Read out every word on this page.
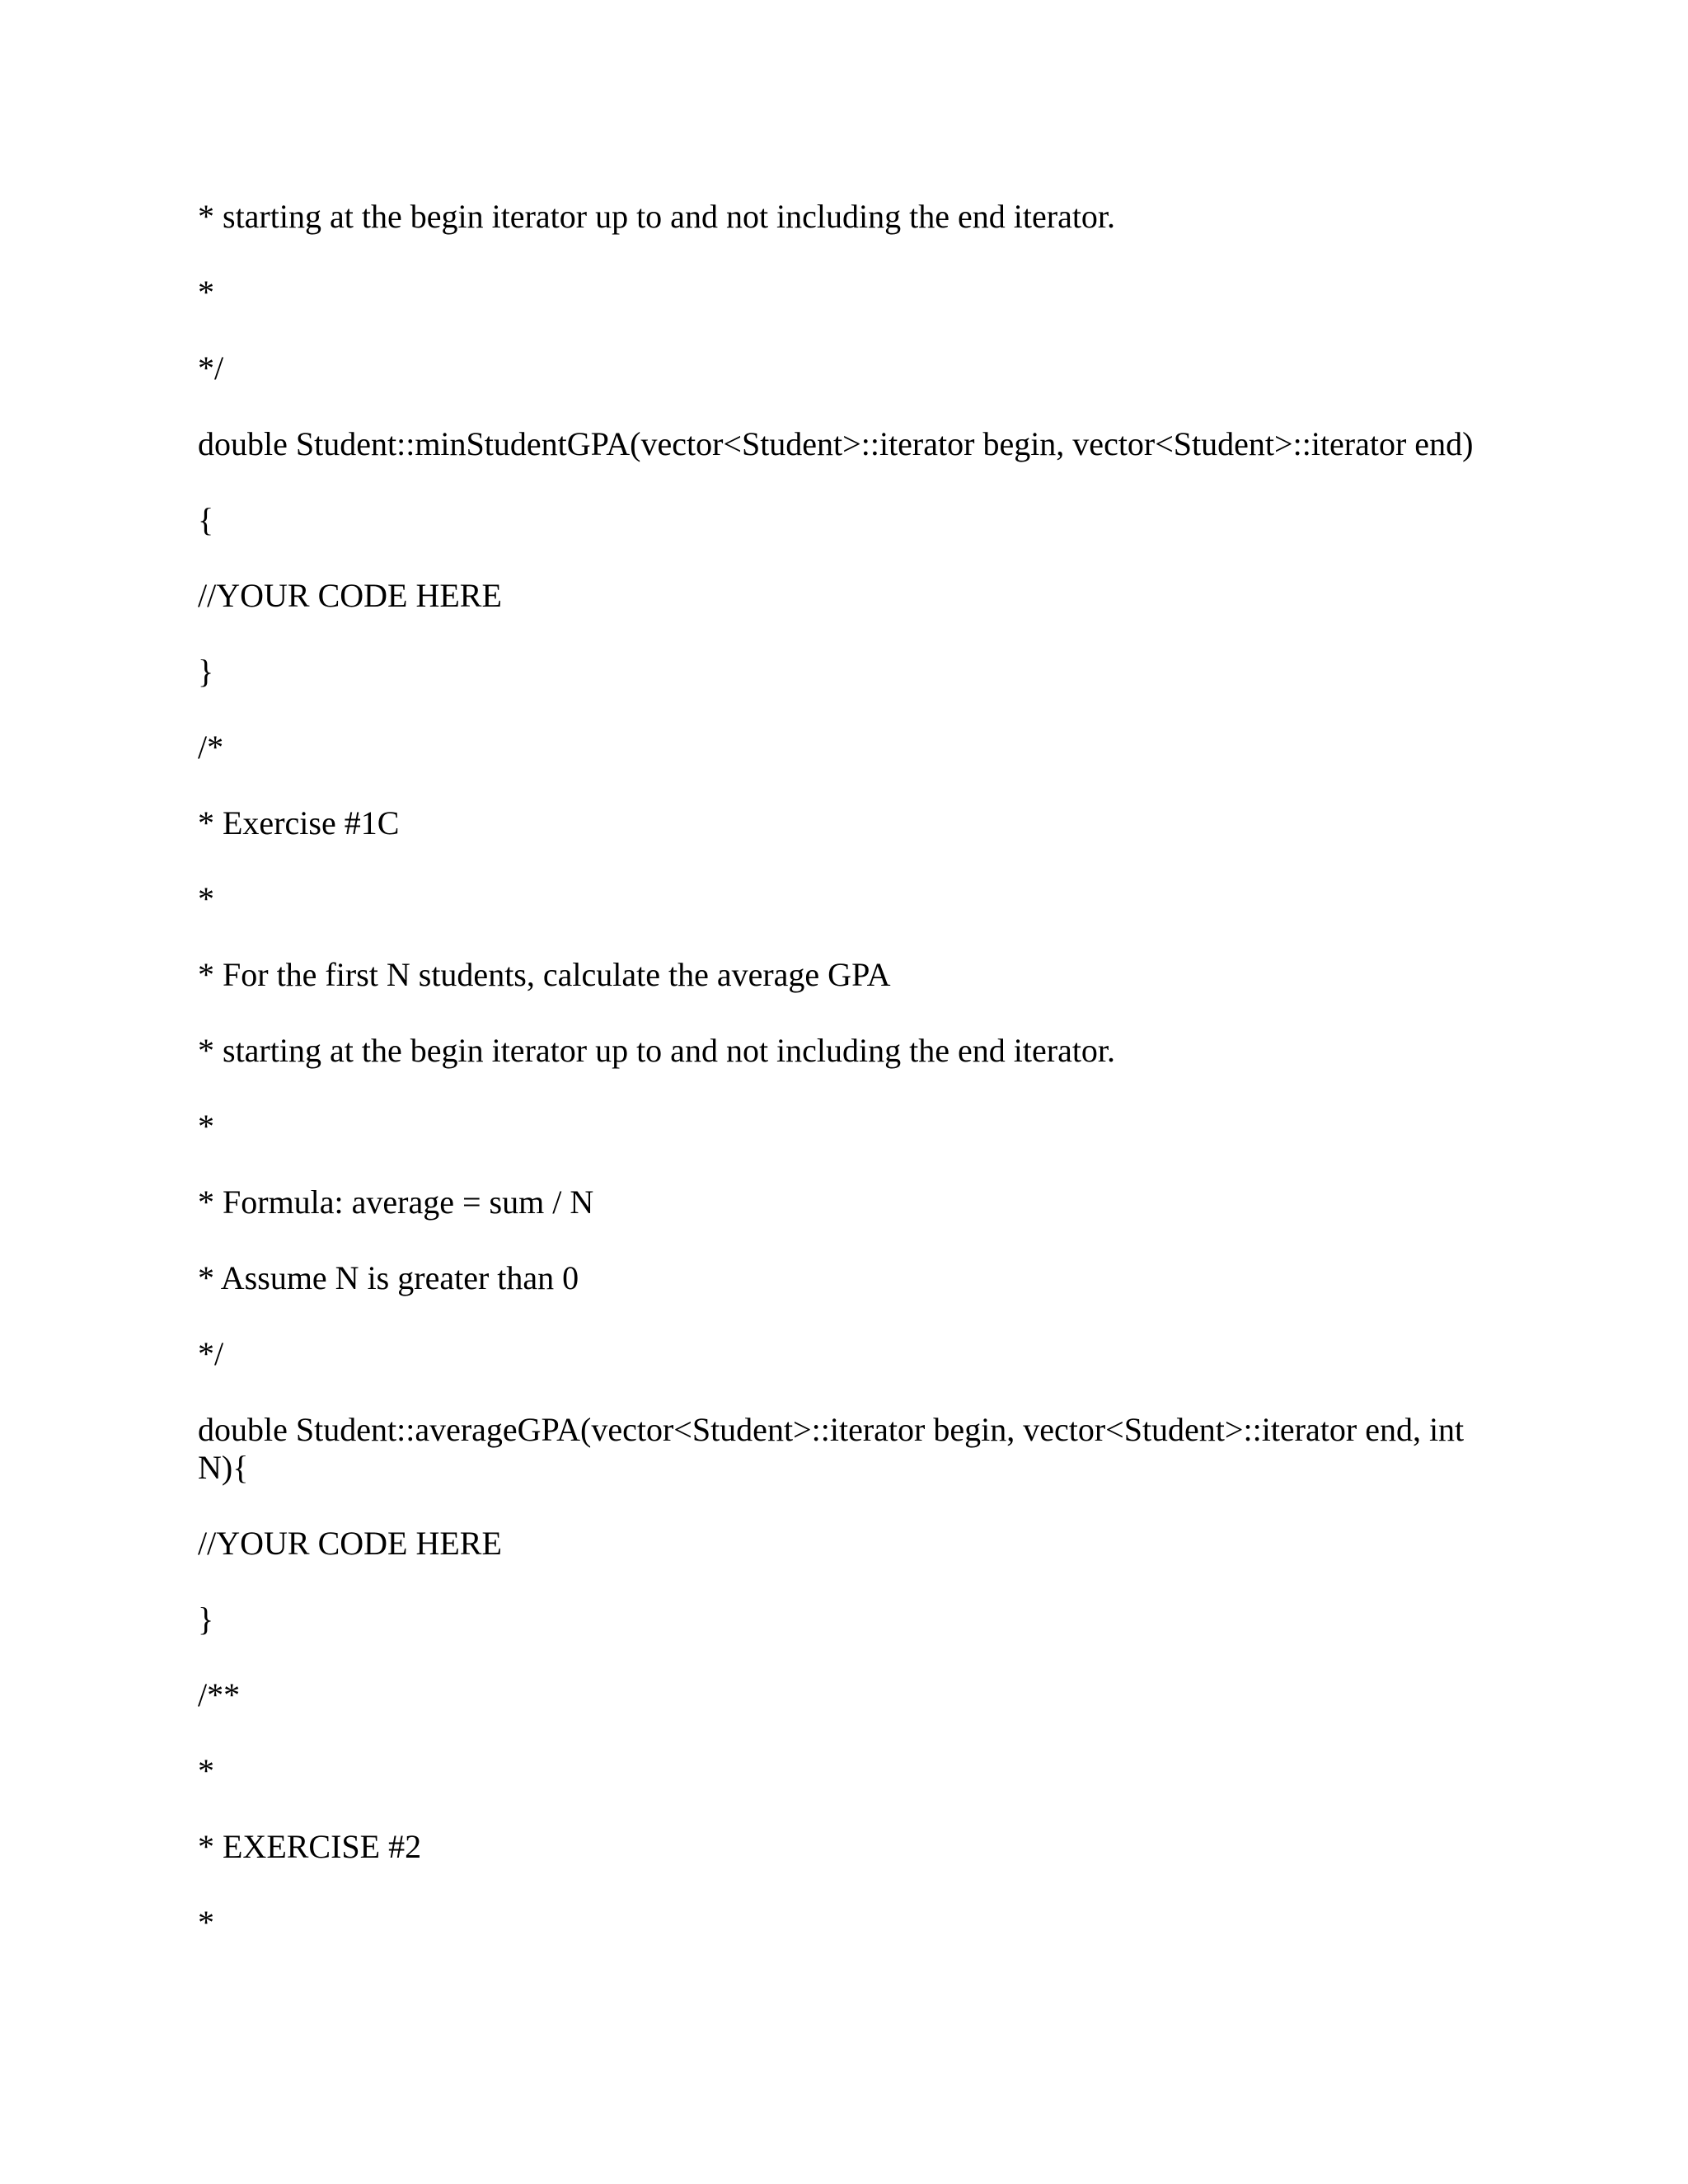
* starting at the begin iterator up to and not including the end iterator.

*

*/

double Student::minStudentGPA(vector<Student>::iterator begin, vector<Student>::iterator end)

{

//YOUR CODE HERE

}

/*

* Exercise #1C

*

* For the first N students, calculate the average GPA

* starting at the begin iterator up to and not including the end iterator.

*

* Formula: average = sum / N

* Assume N is greater than 0

*/

double Student::averageGPA(vector<Student>::iterator begin, vector<Student>::iterator end, int N){

//YOUR CODE HERE

}

/**

*

* EXERCISE #2

*
